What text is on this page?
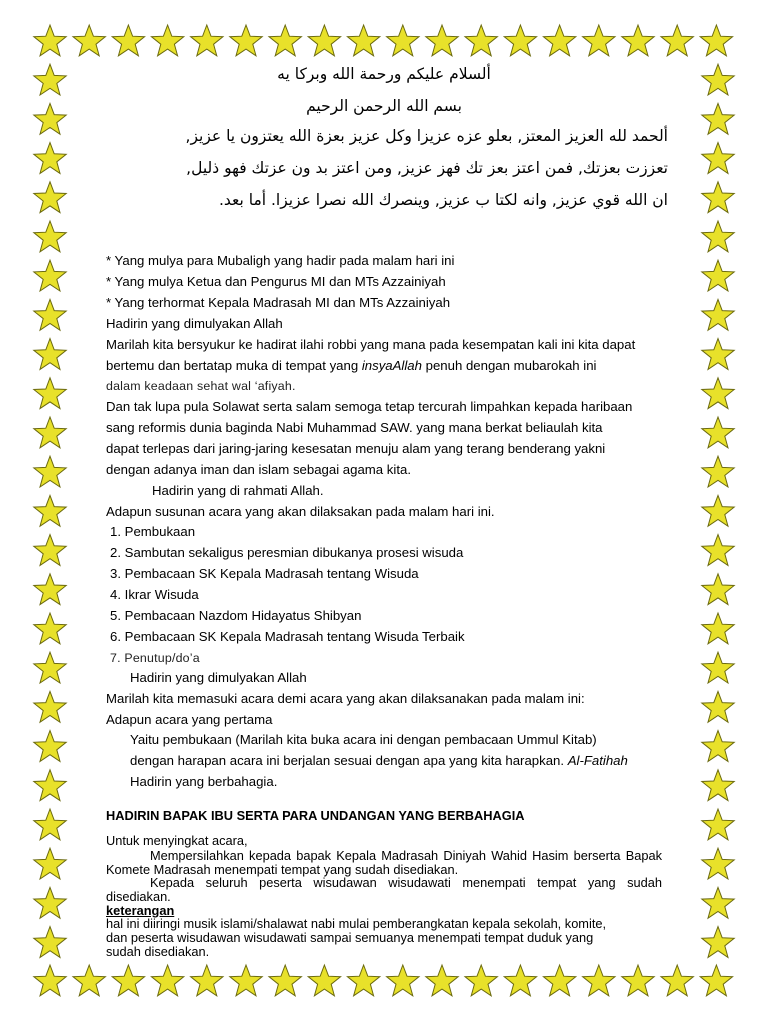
ألسلام عليكم ورحمة الله وبركا يه
بسم الله الرحمن الرحيم
ألحمد لله العزيز المعتز, بعلو عزه عزيزا وكل عزيز بعزة الله يعتزون يا عزيز,
تعززت بعزتك, فمن اعتز بعز تك فهز عزيز, ومن اعتز بد ون عزتك فهو ذليل,
ان الله قوي عزيز, وانه لكتا ب عزيز, وينصرك الله نصرا عزيزا. أما بعد.
* Yang mulya para Mubaligh yang hadir pada malam hari ini
* Yang mulya Ketua dan Pengurus MI dan MTs Azzainiyah
* Yang terhormat Kepala Madrasah MI dan MTs Azzainiyah
Hadirin yang dimulyakan Allah
Marilah kita bersyukur ke hadirat ilahi robbi yang mana pada kesempatan kali ini kita dapat
bertemu dan bertatap muka di tempat yang insyaAllah penuh dengan mubarokah ini
dalam keadaan sehat wal ‘afiyah.
Dan tak lupa pula Solawat serta salam semoga tetap tercurah limpahkan kepada haribaan
sang reformis dunia baginda Nabi Muhammad SAW. yang mana berkat beliaulah kita
dapat terlepas dari jaring-jaring kesesatan menuju alam yang terang benderang yakni
dengan adanya iman dan islam sebagai agama kita.
Hadirin yang di rahmati Allah.
Adapun susunan acara yang akan dilaksakan pada malam hari ini.
1. Pembukaan
2. Sambutan sekaligus peresmian dibukanya prosesi wisuda
3. Pembacaan SK Kepala Madrasah tentang Wisuda
4. Ikrar Wisuda
5. Pembacaan Nazdom Hidayatus Shibyan
6. Pembacaan SK Kepala Madrasah tentang Wisuda Terbaik
7. Penutup/do’a
Hadirin yang dimulyakan Allah
Marilah kita memasuki acara demi acara yang akan dilaksanakan pada malam ini:
Adapun acara yang pertama
Yaitu pembukaan (Marilah kita buka acara ini dengan pembacaan Ummul Kitab)
dengan harapan acara ini berjalan sesuai dengan apa yang kita harapkan. Al-Fatihah
Hadirin yang berbahagia.
HADIRIN BAPAK IBU SERTA PARA UNDANGAN YANG BERBAHAGIA
Untuk menyingkat acara,
Mempersilahkan kepada bapak Kepala Madrasah Diniyah Wahid Hasim berserta Bapak Komete Madrasah menempati tempat yang sudah disediakan.
Kepada seluruh peserta wisudawan wisudawati menempati tempat yang sudah disediakan.
keterangan
hal ini diiringi musik islami/shalawat nabi mulai pemberangkatan kepala sekolah, komite,
dan peserta wisudawan wisudawati sampai semuanya menempati tempat duduk yang
sudah disediakan.
